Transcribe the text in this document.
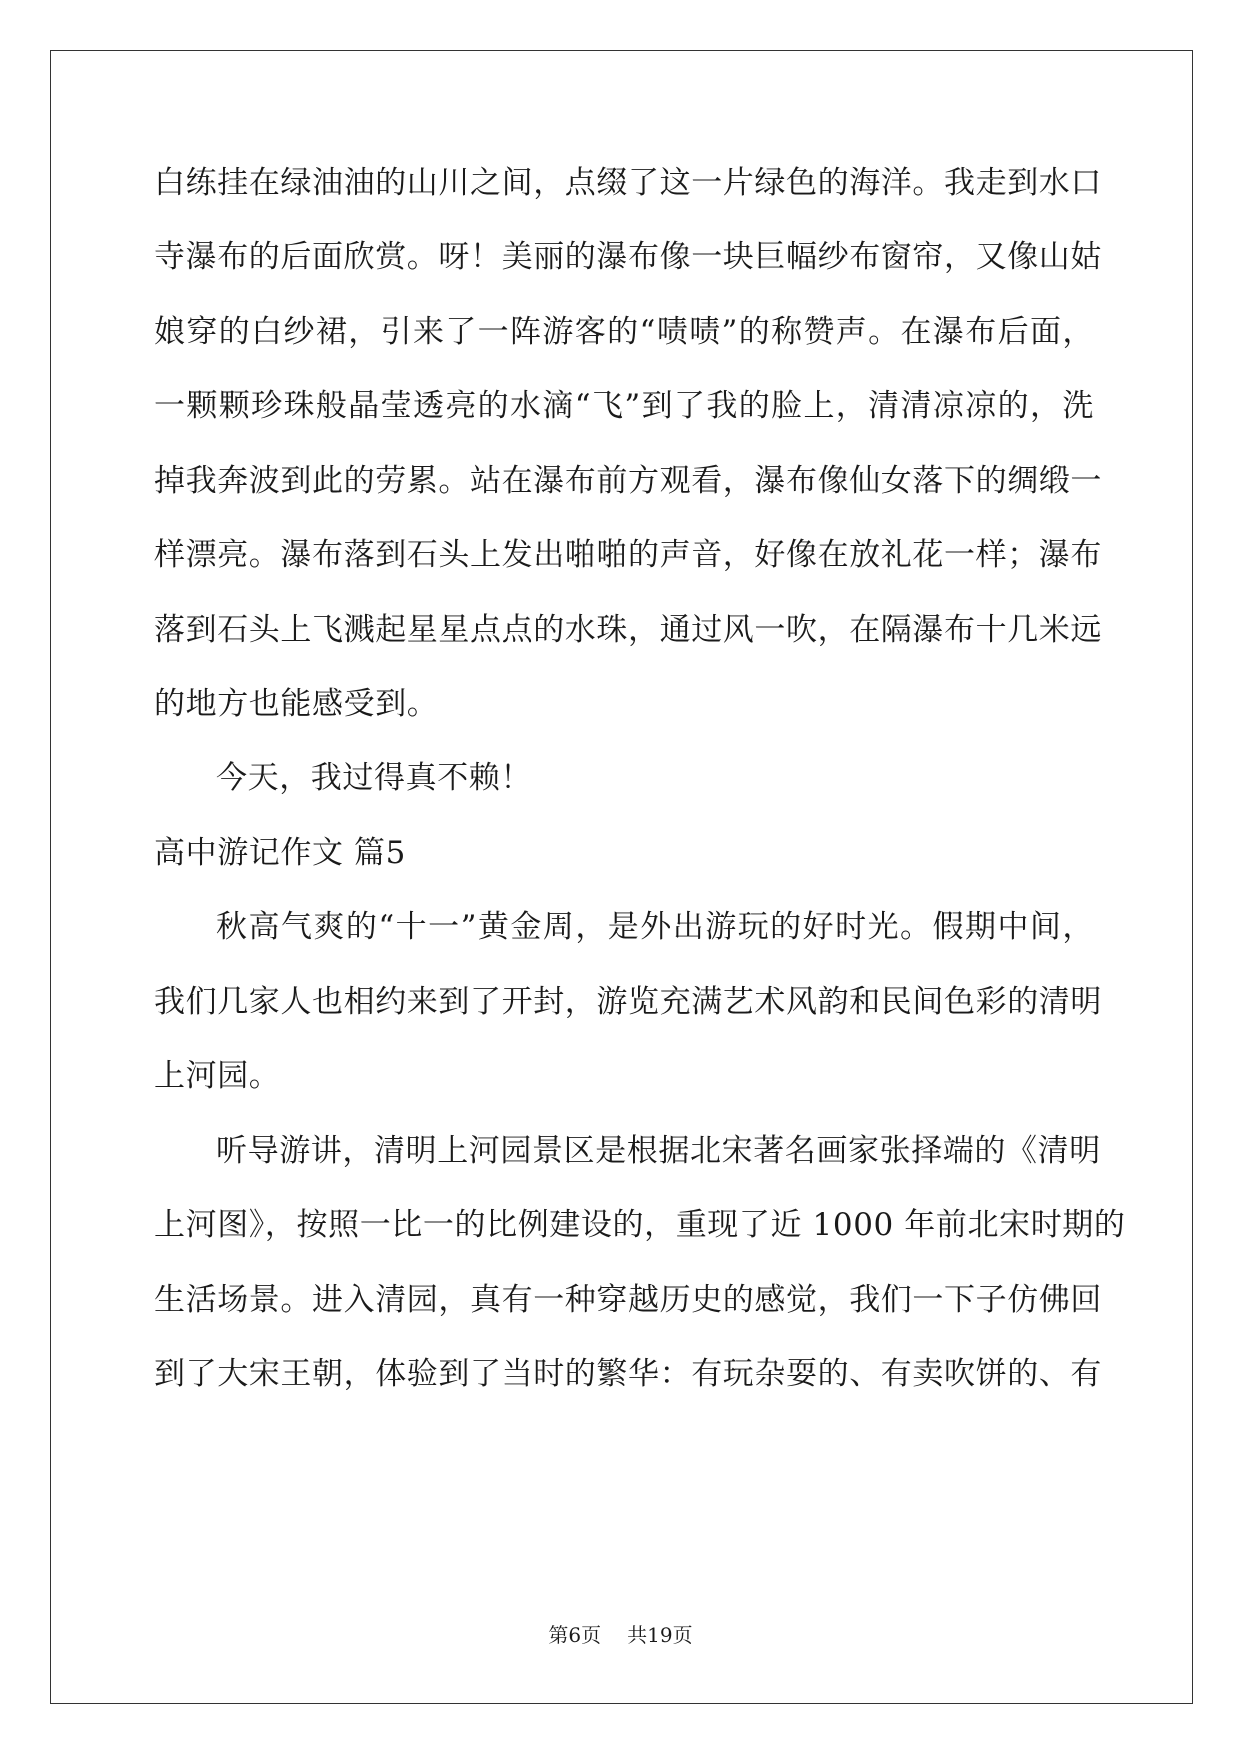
白练挂在绿油油的山川之间，点缀了这一片绿色的海洋。我走到水口

寺瀑布的后面欣赏。呀！美丽的瀑布像一块巨幅纱布窗帘，又像山姑

娘穿的白纱裙，引来了一阵游客的“啧啧”的称赞声。在瀑布后面，

一颗颗珍珠般晶莹透亮的水滴“飞”到了我的脸上，清清凉凉的，洗

掉我奔波到此的劳累。站在瀑布前方观看，瀑布像仙女落下的绸缎一

样漂亮。瀑布落到石头上发出啪啪的声音，好像在放礼花一样；瀑布

落到石头上飞溅起星星点点的水珠，通过风一吹，在隔瀑布十几米远

的地方也能感受到。

今天，我过得真不赖！

高中游记作文 篇5

秋高气爽的“十一”黄金周，是外出游玩的好时光。假期中间，

我们几家人也相约来到了开封，游览充满艺术风韵和民间色彩的清明

上河园。

听导游讲，清明上河园景区是根据北宋著名画家张择端的《清明

上河图》，按照一比一的比例建设的，重现了近 1000 年前北宋时期的

生活场景。进入清园，真有一种穿越历史的感觉，我们一下子仿佛回

到了大宋王朝，体验到了当时的繁华：有玩杂耍的、有卖吹饼的、有

第6页 共19页
